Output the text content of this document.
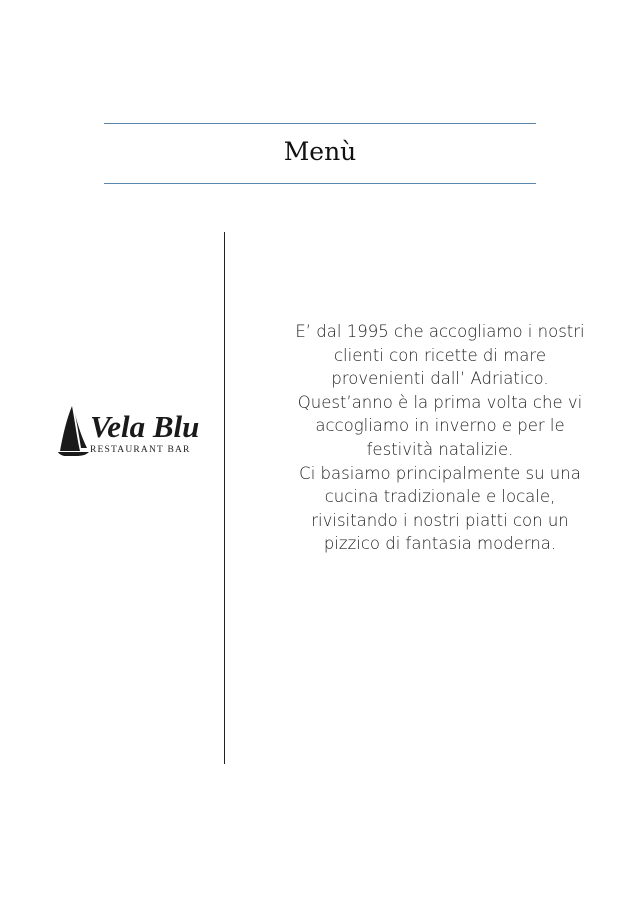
Menù
Vela Blu
RESTAURANT BAR
E’ dal 1995 che accogliamo i nostri
clienti con ricette di mare
provenienti dall’ Adriatico.
Quest’anno è la prima volta che vi
accogliamo in inverno e per le
festività natalizie.
Ci basiamo principalmente su una
cucina tradizionale e locale,
rivisitando i nostri piatti con un
pizzico di fantasia moderna.
